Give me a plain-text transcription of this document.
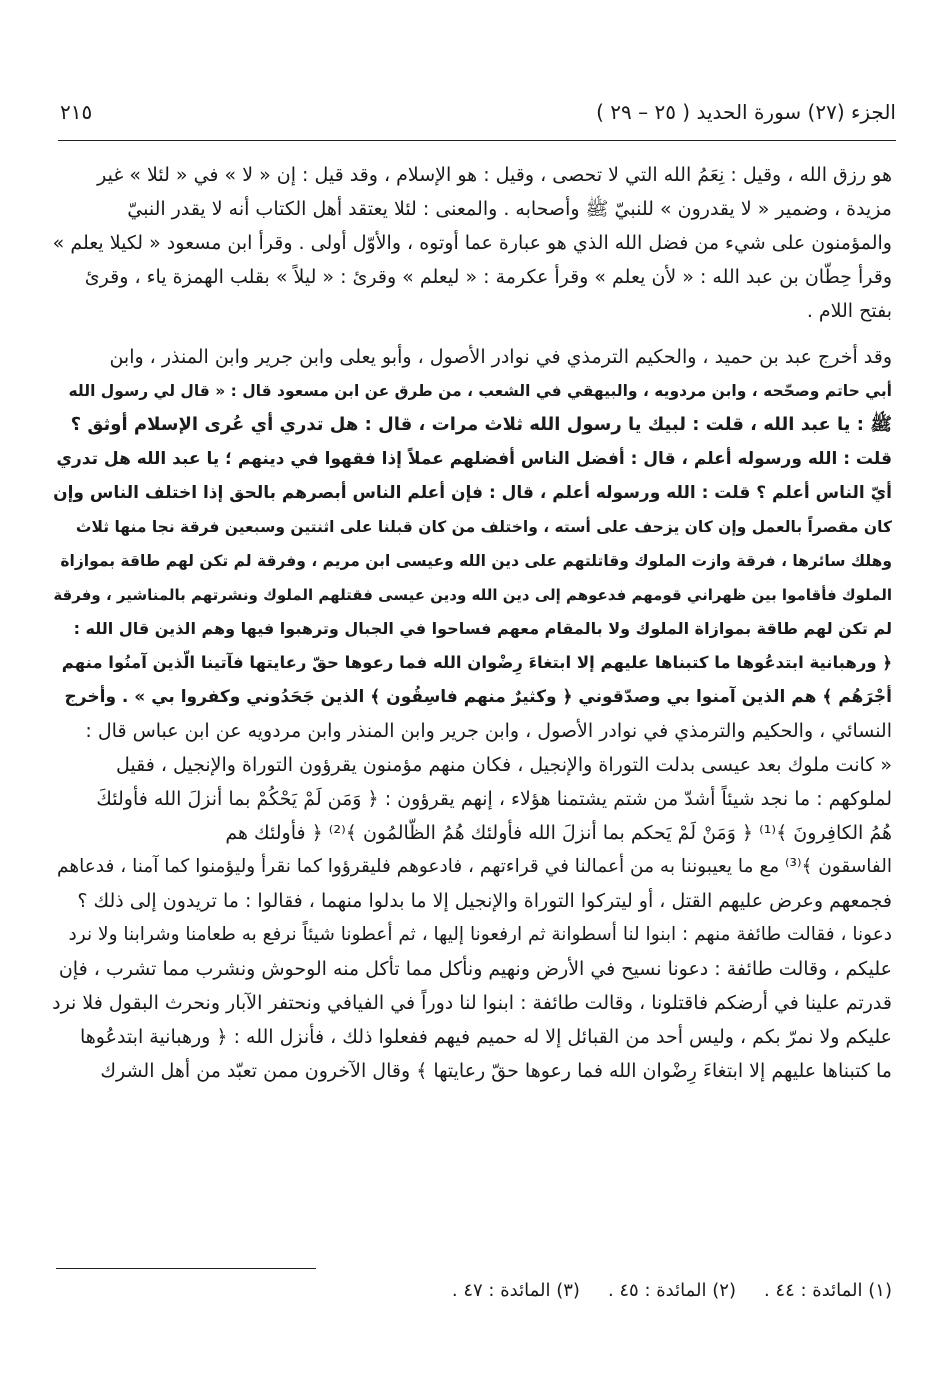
الجزء (٢٧) سورة الحديد ( ٢٥ – ٢٩ )
٢١٥
هو رزق الله ، وقيل : نِعَمُ الله التي لا تحصى ، وقيل : هو الإسلام ، وقد قيل : إن « لا » في « لئلا » غير
مزيدة ، وضمير « لا يقدرون » للنبيّ ﷺ وأصحابه . والمعنى : لئلا يعتقد أهل الكتاب أنه لا يقدر النبيّ
والمؤمنون على شيء من فضل الله الذي هو عبارة عما أوتوه ، والأوّل أولى . وقرأ ابن مسعود « لكيلا يعلم »
وقرأ حِطّان بن عبد الله : « لأن يعلم » وقرأ عكرمة : « ليعلم » وقرئ : « ليلاً » بقلب الهمزة ياء ، وقرئ
بفتح اللام .
وقد أخرج عبد بن حميد ، والحكيم الترمذي في نوادر الأصول ، وأبو يعلى وابن جرير وابن المنذر ، وابن
أبي حاتم وصحّحه ، وابن مردويه ، والبيهقي في الشعب ، من طرق عن ابن مسعود قال : « قال لي رسول الله
ﷺ : يا عبد الله ، قلت : لبيك يا رسول الله ثلاث مرات ، قال : هل تدري أي عُرى الإسلام أوثق ؟
قلت : الله ورسوله أعلم ، قال : أفضل الناس أفضلهم عملاً إذا فقهوا في دينهم ؛ يا عبد الله هل تدري
أيّ الناس أعلم ؟ قلت : الله ورسوله أعلم ، قال : فإن أعلم الناس أبصرهم بالحق إذا اختلف الناس وإن
كان مقصراً بالعمل وإن كان يزحف على أسته ، واختلف من كان قبلنا على اثنتين وسبعين فرقة نجا منها ثلاث
وهلك سائرها ، فرقة وازت الملوك وقاتلتهم على دين الله وعيسى ابن مريم ، وفرقة لم تكن لهم طاقة بموازاة
الملوك فأقاموا بين ظهراني قومهم فدعوهم إلى دين الله ودين عيسى فقتلهم الملوك ونشرتهم بالمناشير ، وفرقة
لم تكن لهم طاقة بموازاة الملوك ولا بالمقام معهم فساحوا في الجبال وترهبوا فيها وهم الذين قال الله :
﴿ ورهبانية ابتدعُوها ما كتبناها عليهم إلا ابتغاءَ رِضْوان الله فما رعوها حقّ رعايتها فآتينا الّذين آمنُوا منهم
أجْرَهُم ﴾ هم الذين آمنوا بي وصدّقوني ﴿ وكثيرٌ منهم فاسِقُون ﴾ الذين جَحَدُوني وكفروا بي » . وأخرج
النسائي ، والحكيم والترمذي في نوادر الأصول ، وابن جرير وابن المنذر وابن مردويه عن ابن عباس قال :
« كانت ملوك بعد عيسى بدلت التوراة والإنجيل ، فكان منهم مؤمنون يقرؤون التوراة والإنجيل ، فقيل
لملوكهم : ما نجد شيئاً أشدّ من شتم يشتمنا هؤلاء ، إنهم يقرؤون : ﴿ وَمَن لَمْ يَحْكُمْ بما أنزلَ الله فأولئكَ
هُمُ الكافِرونَ ﴾⁽¹⁾ ﴿ وَمَنْ لَمْ يَحكم بما أنزلَ الله فأولئك هُمُ الظّالمُون ﴾⁽²⁾ ﴿ فأولئك هم
الفاسقون ﴾⁽³⁾ مع ما يعيبوننا به من أعمالنا في قراءتهم ، فادعوهم فليقرؤوا كما نقرأ وليؤمنوا كما آمنا ، فدعاهم
فجمعهم وعرض عليهم القتل ، أو ليتركوا التوراة والإنجيل إلا ما بدلوا منهما ، فقالوا : ما تريدون إلى ذلك ؟
دعونا ، فقالت طائفة منهم : ابنوا لنا أسطوانة ثم ارفعونا إليها ، ثم أعطونا شيئاً نرفع به طعامنا وشرابنا ولا نرد
عليكم ، وقالت طائفة : دعونا نسيح في الأرض ونهيم ونأكل مما تأكل منه الوحوش ونشرب مما تشرب ، فإن
قدرتم علينا في أرضكم فاقتلونا ، وقالت طائفة : ابنوا لنا دوراً في الفيافي ونحتفر الآبار ونحرث البقول فلا نرد
عليكم ولا نمرّ بكم ، وليس أحد من القبائل إلا له حميم فيهم ففعلوا ذلك ، فأنزل الله : ﴿ ورهبانية ابتدعُوها
ما كتبناها عليهم إلا ابتغاءَ رِضْوان الله فما رعوها حقّ رعايتها ﴾ وقال الآخرون ممن تعبّد من أهل الشرك
(١) المائدة : ٤٤ .(٢) المائدة : ٤٥ .(٣) المائدة : ٤٧ .
